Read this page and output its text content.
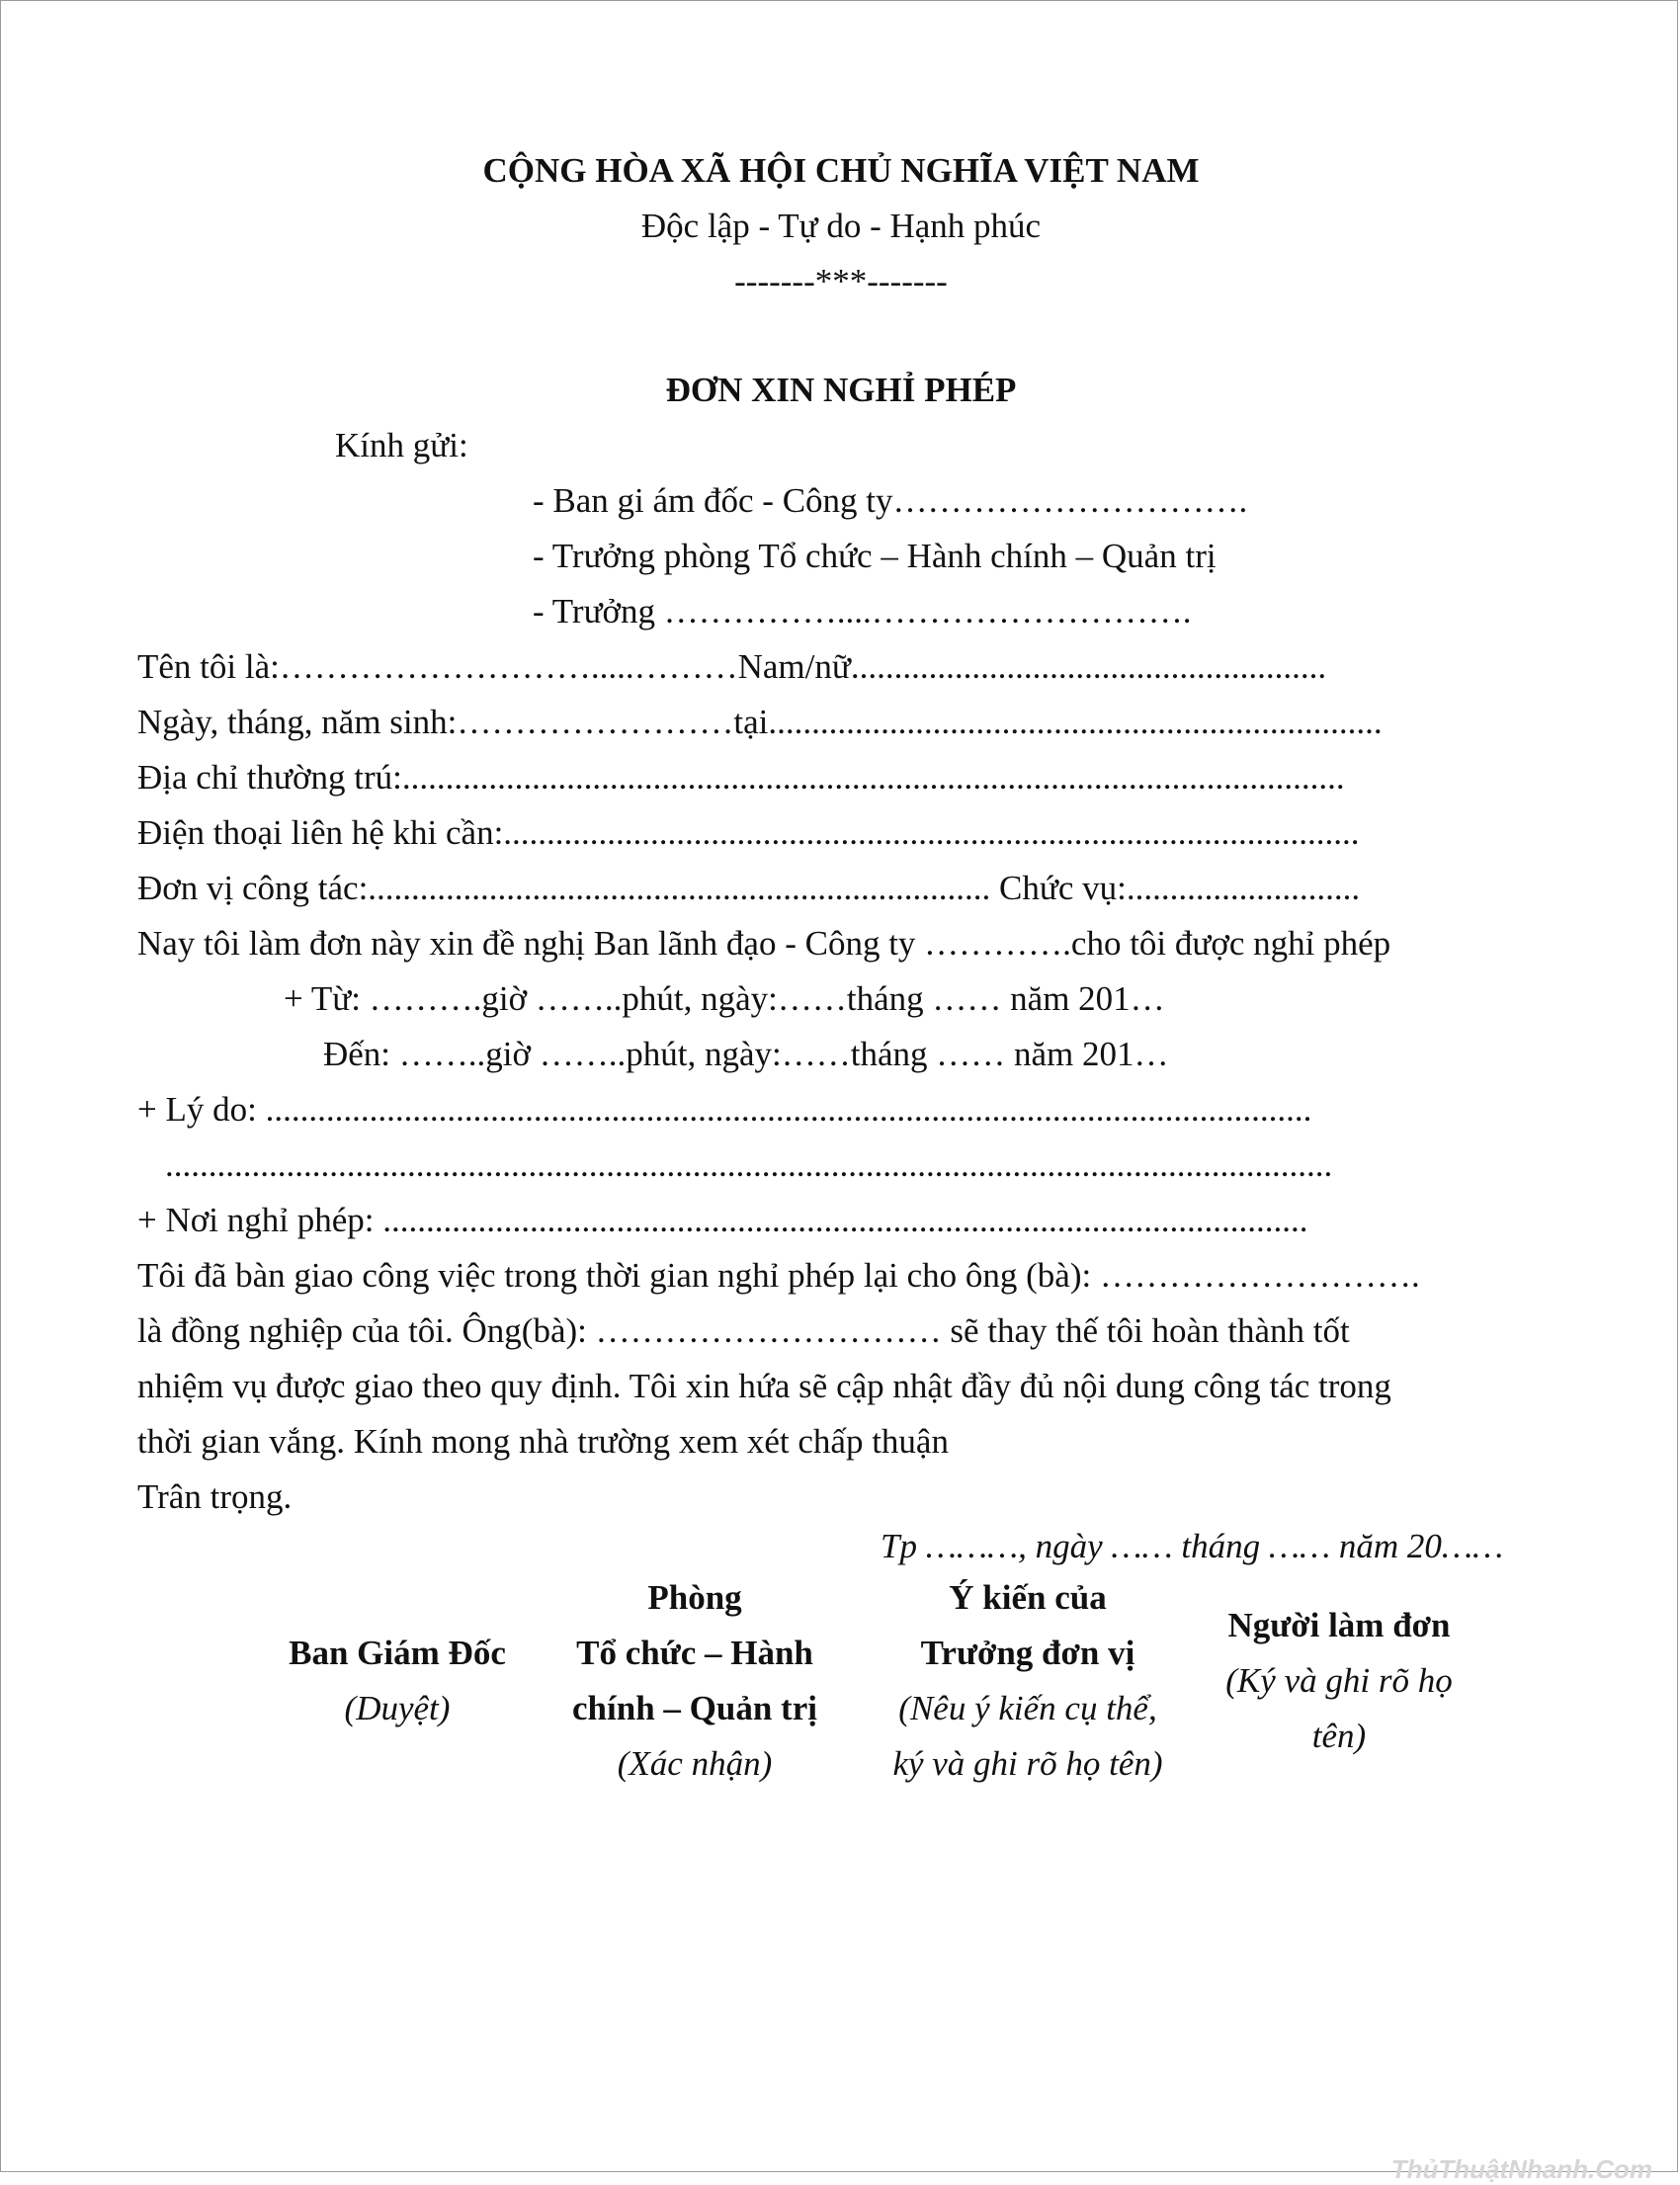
CỘNG HÒA XÃ HỘI CHỦ NGHĨA VIỆT NAM
Độc lập - Tự do - Hạnh phúc
-------***-------
ĐƠN XIN NGHỈ PHÉP
Kính gửi:
- Ban gi ám đốc - Công ty………………………….
- Trưởng phòng Tổ chức – Hành chính – Quản trị
- Trưởng ……………....……………………….
Tên tôi là:……………………….....………Nam/nữ.......................................................
Ngày, tháng, năm sinh:……………………tại.......................................................................
Địa chỉ thường trú:.............................................................................................................
Điện thoại liên hệ khi cần:...................................................................................................
Đơn vị công tác:........................................................................ Chức vụ:...........................
Nay tôi làm đơn này xin đề nghị Ban lãnh đạo - Công ty ………….cho tôi được nghỉ phép
+ Từ: ……….giờ ……..phút, ngày:……tháng …… năm 201…
Đến: ……..giờ ……..phút, ngày:……tháng …… năm 201…
+ Lý do: .........................................................................................................................
.......................................................................................................................................
+ Nơi nghỉ phép: ...........................................................................................................
Tôi đã bàn giao công việc trong thời gian nghỉ phép lại cho ông (bà): ……………………….
là đồng nghiệp của tôi. Ông(bà): ………………………… sẽ thay thế tôi hoàn thành tốt
nhiệm vụ được giao theo quy định. Tôi xin hứa sẽ cập nhật đầy đủ nội dung công tác trong
thời gian vắng. Kính mong nhà trường xem xét chấp thuận
Trân trọng.
Tp ………, ngày …… tháng …… năm 20……
Ban Giám Đốc
(Duyệt)
Phòng
Tổ chức – Hành
chính – Quản trị
(Xác nhận)
Ý kiến của
Trưởng đơn vị
(Nêu ý kiến cụ thể,
ký và ghi rõ họ tên)
Người làm đơn
(Ký và ghi rõ họ
tên)
ThủThuậtNhanh.Com
